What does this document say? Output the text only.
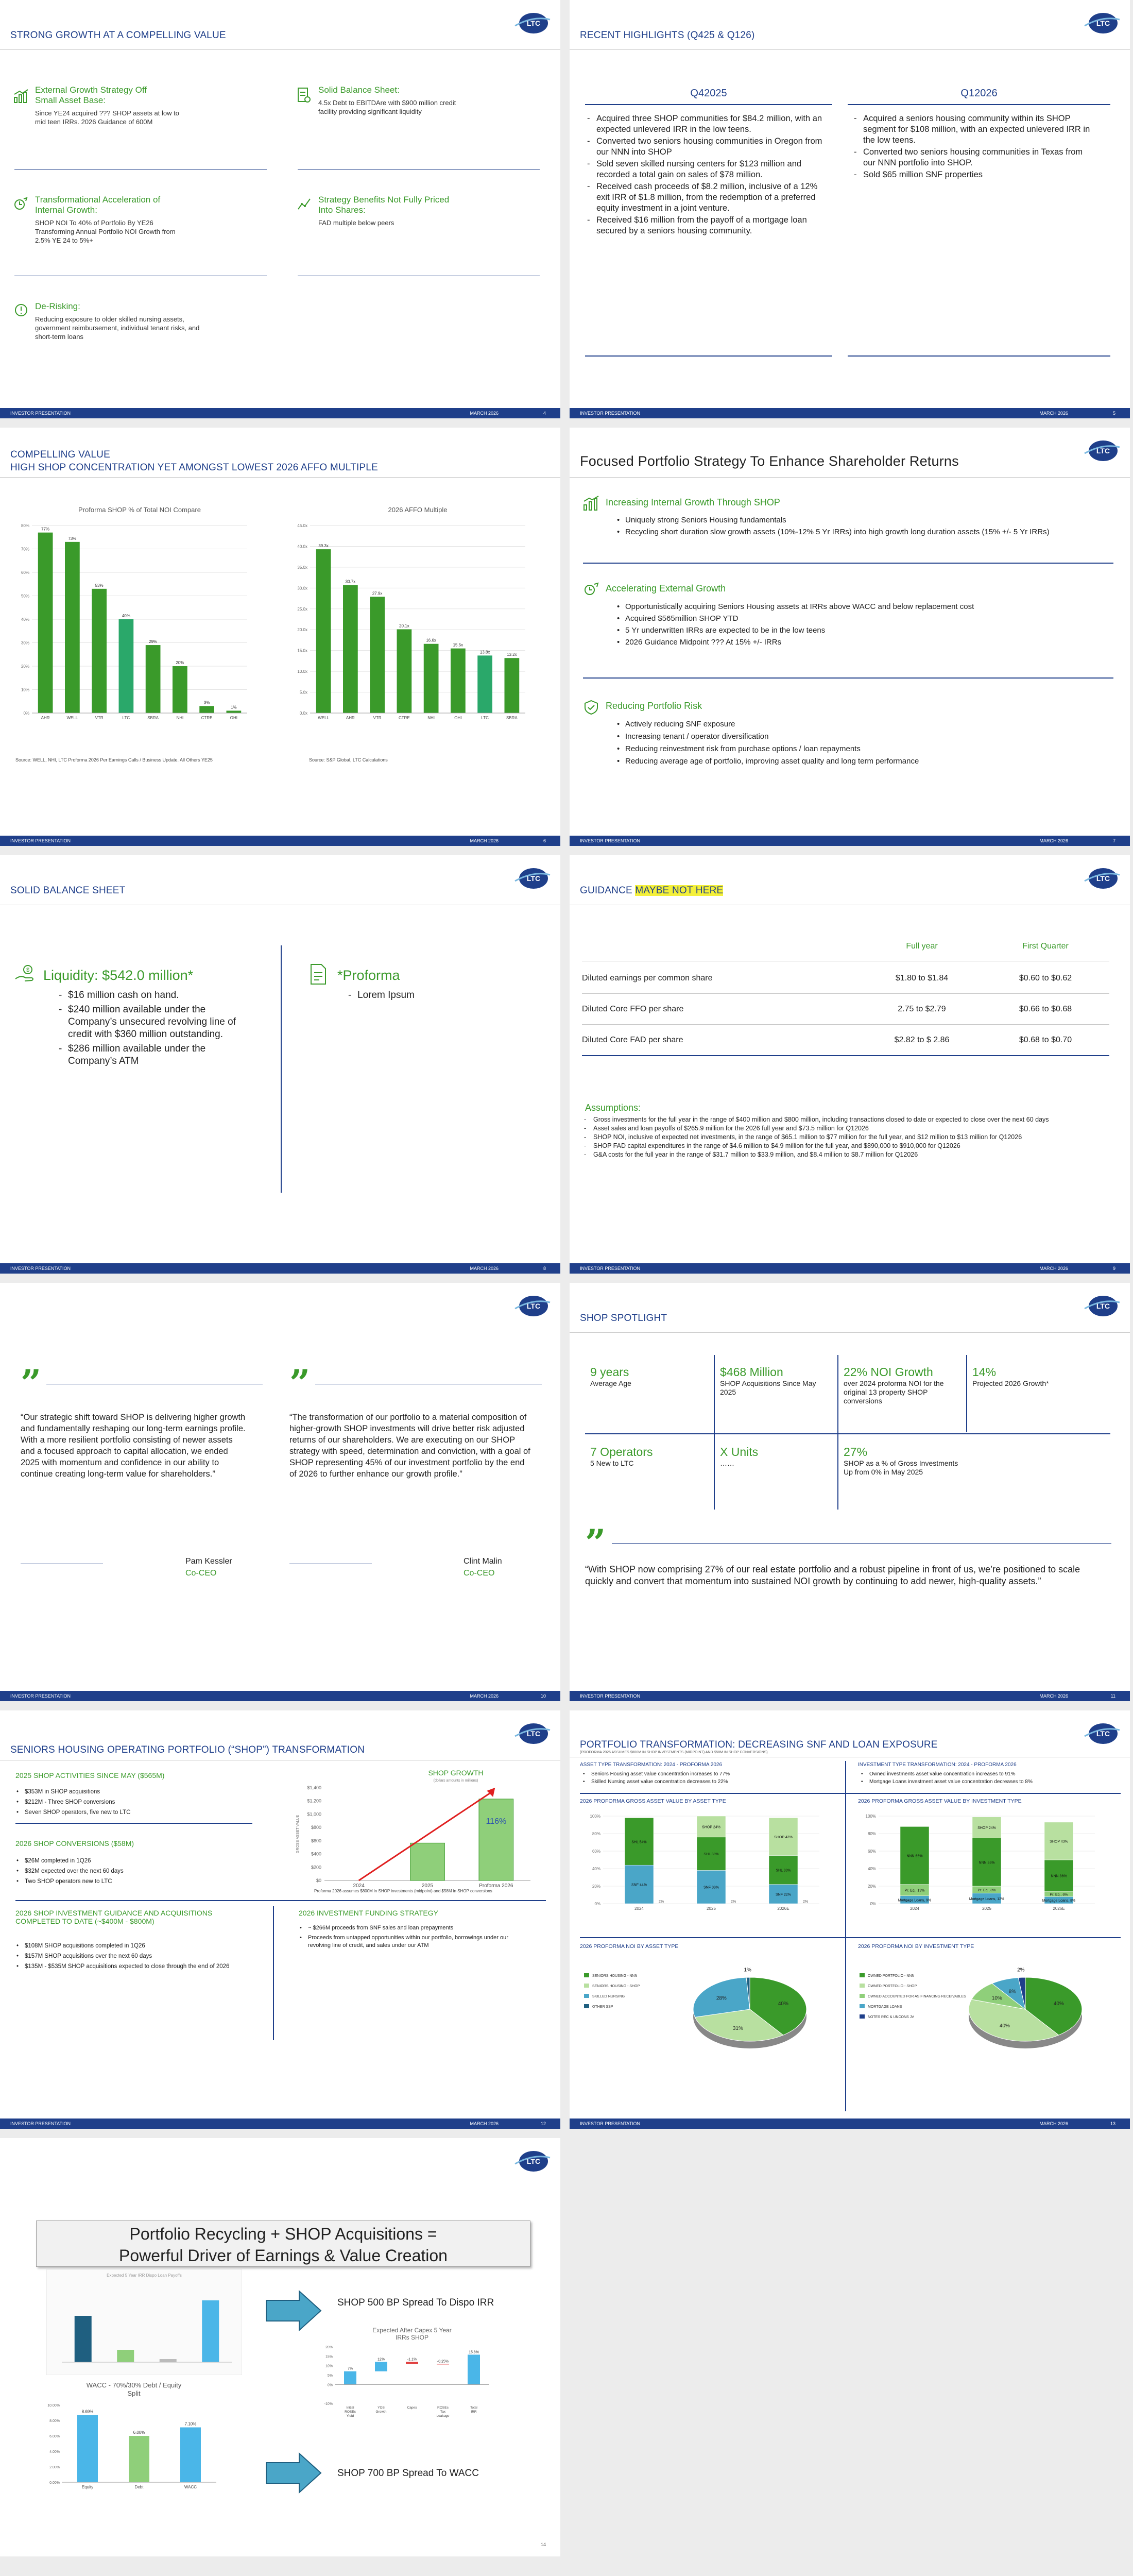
STRONG GROWTH AT A COMPELLING VALUE
LTC
External Growth Strategy Off Small Asset Base:
Since YE24 acquired ??? SHOP assets at low to mid teen IRRs. 2026 Guidance of 600M
Solid Balance Sheet:
4.5x Debt to EBITDAre with $900 million credit facility providing significant liquidity
Transformational Acceleration of Internal Growth:
SHOP NOI To 40% of Portfolio By YE26 Transforming Annual Portfolio NOI Growth from 2.5% YE 24 to 5%+
Strategy Benefits Not Fully Priced Into Shares:
FAD multiple below peers
De-Risking:
Reducing exposure to older skilled nursing assets, government reimbursement, individual tenant risks, and short-term loans
INVESTOR PRESENTATION	MARCH 2026	4
RECENT HIGHLIGHTS (Q425 & Q126)
LTC
Q42025	Q12026
- Acquired three SHOP communities for $84.2 million, with an expected unlevered IRR in the low teens.
- Converted two seniors housing communities in Oregon from our NNN into SHOP
- Sold seven skilled nursing centers for $123 million and recorded a total gain on sales of $78 million.
- Received cash proceeds of $8.2 million, inclusive of a 12% exit IRR of $1.8 million, from the redemption of a preferred equity investment in a joint venture.
- Received $16 million from the payoff of a mortgage loan secured by a seniors housing community.
- Acquired a seniors housing community within its SHOP segment for $108 million, with an expected unlevered IRR in the low teens.
- Converted two seniors housing communities in Texas from our NNN portfolio into SHOP.
- Sold $65 million SNF properties
INVESTOR PRESENTATION	MARCH 2026	5
COMPELLING VALUE
HIGH SHOP CONCENTRATION YET AMONGST LOWEST 2026 AFFO MULTIPLE
Proforma SHOP % of Total NOI Compare
0%
10%
20%
30%
40%
50%
60%
70%
80%
77%
AHR
73%
WELL
53%
VTR
40%
LTC
29%
SBRA
20%
NHI
3%
CTRE
1%
OHI
2026 AFFO Multiple
0.0x
5.0x
10.0x
15.0x
20.0x
25.0x
30.0x
35.0x
40.0x
45.0x
39.3x
WELL
30.7x
AHR
27.9x
VTR
20.1x
CTRE
16.6x
NHI
15.5x
OHI
13.8x
LTC
13.2x
SBRA
Source: WELL, NHI, LTC Proforma 2026 Per Earnings Calls / Business Update. All Others YE25	Source: S&P Global, LTC Calculations
INVESTOR PRESENTATION	MARCH 2026	6
Focused Portfolio Strategy To Enhance Shareholder Returns
LTC
Increasing Internal Growth Through SHOP
• Uniquely strong Seniors Housing fundamentals
• Recycling short duration slow growth assets (10%-12% 5 Yr IRRs) into high growth long duration assets (15% +/- 5 Yr IRRs)
Accelerating External Growth
• Opportunistically acquiring Seniors Housing assets at IRRs above WACC and below replacement cost
• Acquired $565million SHOP YTD
• 5 Yr underwritten IRRs are expected to be in the low teens
• 2026 Guidance Midpoint ??? At 15% +/- IRRs
Reducing Portfolio Risk
• Actively reducing SNF exposure
• Increasing tenant / operator diversification
• Reducing reinvestment risk from purchase options / loan repayments
• Reducing average age of portfolio, improving asset quality and long term performance
INVESTOR PRESENTATION	MARCH 2026	7
SOLID BALANCE SHEET
LTC
$ Liquidity: $542.0 million*
- $16 million cash on hand.
- $240 million available under the Company’s unsecured revolving line of credit with $360 million outstanding.
- $286 million available under the Company’s ATM
*Proforma
- Lorem Ipsum
INVESTOR PRESENTATION	MARCH 2026	8
GUIDANCE MAYBE NOT HERE
LTC
Full year	First Quarter
Diluted earnings per common share	$1.80 to $1.84	$0.60 to $0.62
Diluted Core FFO per share	2.75 to $2.79	$0.66 to $0.68
Diluted Core FAD per share	$2.82 to $ 2.86	$0.68 to $0.70
Assumptions:
- Gross investments for the full year in the range of $400 million and $800 million, including transactions closed to date or expected to close over the next 60 days
- Asset sales and loan payoffs of $265.9 million for the 2026 full year and $73.5 million for Q12026
- SHOP NOI, inclusive of expected net investments, in the range of $65.1 million to $77 million for the full year, and $12 million to $13 million for Q12026
- SHOP FAD capital expenditures in the range of $4.6 million to $4.9 million for the full year, and $890,000 to $910,000 for Q12026
- G&A costs for the full year in the range of $31.7 million to $33.9 million, and $8.4 million to $8.7 million for Q12026
INVESTOR PRESENTATION	MARCH 2026	9
LTC
”
“Our strategic shift toward SHOP is delivering higher growth and fundamentally reshaping our long-term earnings profile. With a more resilient portfolio consisting of newer assets and a focused approach to capital allocation, we ended 2025 with momentum and confidence in our ability to continue creating long-term value for shareholders.”
Pam Kessler
Co-CEO
”
“The transformation of our portfolio to a material composition of higher-growth SHOP investments will drive better risk adjusted returns of our shareholders. We are executing on our SHOP strategy with speed, determination and conviction, with a goal of SHOP representing 45% of our investment portfolio by the end of 2026 to further enhance our growth profile.”
Clint Malin
Co-CEO
INVESTOR PRESENTATION	MARCH 2026	10
SHOP SPOTLIGHT
LTC
9 years
Average Age
$468 Million
SHOP Acquisitions Since May 2025
22% NOI Growth
over 2024 proforma NOI for the original 13 property SHOP conversions
14%
Projected 2026 Growth*
7 Operators
5 New to LTC
X Units
……
27%
SHOP as a % of Gross Investments Up from 0% in May 2025
”
“With SHOP now comprising 27% of our real estate portfolio and a robust pipeline in front of us, we’re positioned to scale quickly and convert that momentum into sustained NOI growth by continuing to add newer, high-quality assets.”
INVESTOR PRESENTATION	MARCH 2026	11
SENIORS HOUSING OPERATING PORTFOLIO (“SHOP”) TRANSFORMATION
LTC
2025 SHOP ACTIVITIES SINCE MAY ($565M)
• $353M in SHOP acquisitions
• $212M - Three SHOP conversions
• Seven SHOP operators, five new to LTC
2026 SHOP CONVERSIONS ($58M)
• $26M completed in 1Q26
• $32M expected over the next 60 days
• Two SHOP operators new to LTC
2026 SHOP INVESTMENT GUIDANCE AND ACQUISITIONS COMPLETED TO DATE (~$400M - $800M)
• $108M SHOP acquisitions completed in 1Q26
• $157M SHOP acquisitions over the next 60 days
• $135M - $535M SHOP acquisitions expected to close through the end of 2026
2026 INVESTMENT FUNDING STRATEGY
• ~ $266M proceeds from SNF sales and loan prepayments
• Proceeds from untapped opportunities within our portfolio, borrowings under our revolving line of credit, and sales under our ATM
SHOP GROWTH
(dollars amounts in millions)
$0
$200
$400
$600
$800
$1,000
$1,200
$1,400
GROSS ASSET VALUE
2024	2025	Proforma 2026
116%
Proforma 2026 assumes $800M in SHOP investments (midpoint) and $58M in SHOP conversions
INVESTOR PRESENTATION	MARCH 2026	12
PORTFOLIO TRANSFORMATION: DECREASING SNF AND LOAN EXPOSURE
(PROFORMA 2026 ASSUMES $800M IN SHOP INVESTMENTS (MIDPOINT) AND $58M IN SHOP CONVERSIONS)
LTC
ASSET TYPE TRANSFORMATION: 2024 - PROFORMA 2026
• Seniors Housing asset value concentration increases to 77%
• Skilled Nursing asset value concentration decreases to 22%
INVESTMENT TYPE TRANSFORMATION: 2024 - PROFORMA 2026
• Owned investments asset value concentration increases to 91%
• Mortgage Loans investment asset value concentration decreases to 8%
2026 PROFORMA GROSS ASSET VALUE BY ASSET TYPE	2026 PROFORMA GROSS ASSET VALUE BY INVESTMENT TYPE
0%
20%
40%
60%
80%
100%
SNF 44%
SHL 54%
2%
2024
SNF 38%
SHL 38%
SHOP 24%
2%
2025
SNF 22%
SHL 33%
SHOP 43%
2%
2026E
0%
20%
40%
60%
80%
100%
Mortgage Loans, 9%
Pr. Eq., 13%
NNN 66%
2024
Mortgage Loans, 12%
Pr. Eq., 8%
NNN 55%
SHOP 24%
2025
Mortgage Loans, 8%
Pr. Eq., 6%
NNN 36%
SHOP 43%
2026E
2026 PROFORMA NOI BY ASSET TYPE	2026 PROFORMA NOI BY INVESTMENT TYPE
40%
SENIORS HOUSING - NNN
31%
SENIORS HOUSING - SHOP
28%
SKILLED NURSING
1%
OTHER SSP
40%
OWNED PORTFOLIO - NNN
40%
OWNED PORTFOLIO - SHOP
10%
OWNED ACCOUNTED FOR AS FINANCING RECEIVABLES
8%
MORTGAGE LOANS
2%
NOTES REC & UNCONS JV
INVESTOR PRESENTATION	MARCH 2026	13
LTC
Portfolio Recycling + SHOP Acquisitions =
Powerful Driver of Earnings & Value Creation
Expected 5 Year IRR Dispo Loan Payoffs
SHOP 500 BP Spread To Dispo IRR
Expected After Capex 5 Year
IRRs SHOP
-10%
0%
5%
10%
15%
20%
7%
Initial
ROSEs
Yield
12%
YOS
Growth
-1.1%
Capex
-0.25%
ROSEs
Tax
Leakage
15.8%
Total
IRR
WACC - 70%/30% Debt / Equity
Split
0.00%
2.00%
4.00%
6.00%
8.00%
10.00%
8.69%
Equity
6.00%
Debt
7.10%
WACC
SHOP 700 BP Spread To WACC
14
